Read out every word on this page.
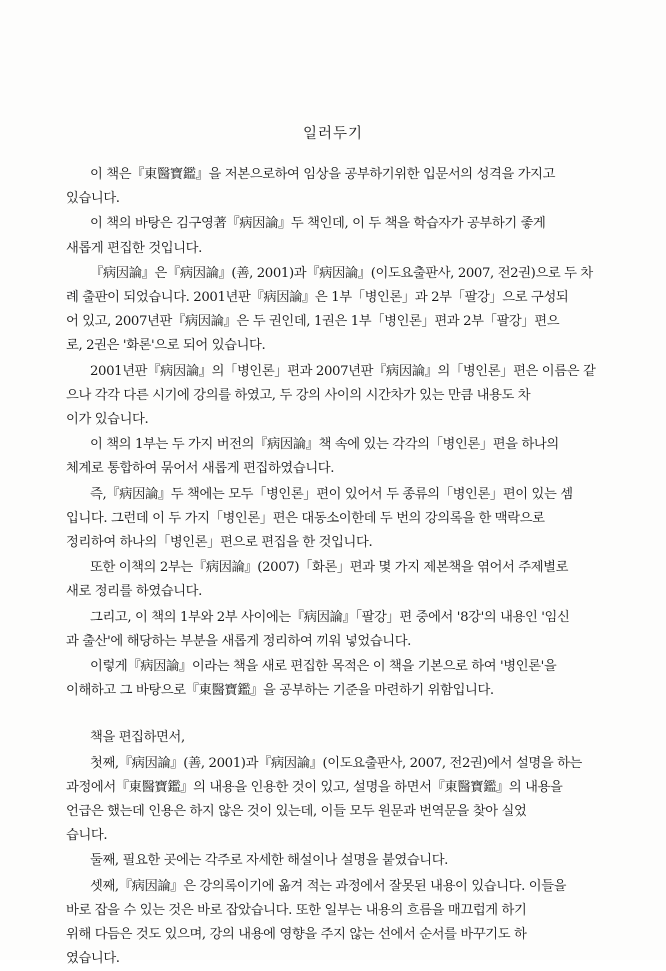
일러두기
이 책은『東醫寶鑑』을 저본으로하여 임상을 공부하기위한 입문서의 성격을 가지고
있습니다.
이 책의 바탕은 김구영著『病因論』두 책인데, 이 두 책을 학습자가 공부하기 좋게
새롭게 편집한 것입니다.
『病因論』은『病因論』(善, 2001)과『病因論』(이도요출판사, 2007, 전2권)으로 두 차
례 출판이 되었습니다. 2001년판『病因論』은 1부「병인론」과 2부「팔강」으로 구성되
어 있고, 2007년판『病因論』은 두 권인데, 1권은 1부「병인론」편과 2부「팔강」편으
로, 2권은 '화론'으로 되어 있습니다.
2001년판『病因論』의「병인론」편과 2007년판『病因論』의「병인론」편은 이름은 같
으나 각각 다른 시기에 강의를 하였고, 두 강의 사이의 시간차가 있는 만큼 내용도 차
이가 있습니다.
이 책의 1부는 두 가지 버전의『病因論』책 속에 있는 각각의「병인론」편을 하나의
체계로 통합하여 묶어서 새롭게 편집하였습니다.
즉,『病因論』두 책에는 모두「병인론」편이 있어서 두 종류의「병인론」편이 있는 셈
입니다. 그런데 이 두 가지「병인론」편은 대동소이한데 두 번의 강의록을 한 맥락으로
정리하여 하나의「병인론」편으로 편집을 한 것입니다.
또한 이책의 2부는『病因論』(2007)「화론」편과 몇 가지 제본책을 엮어서 주제별로
새로 정리를 하였습니다.
그리고, 이 책의 1부와 2부 사이에는『病因論』「팔강」편 중에서 '8강'의 내용인 '임신
과 출산'에 해당하는 부분을 새롭게 정리하여 끼워 넣었습니다.
이렇게『病因論』이라는 책을 새로 편집한 목적은 이 책을 기본으로 하여 '병인론'을
이해하고 그 바탕으로『東醫寶鑑』을 공부하는 기준을 마련하기 위함입니다.
책을 편집하면서,
첫째,『病因論』(善, 2001)과『病因論』(이도요출판사, 2007, 전2권)에서 설명을 하는
과정에서『東醫寶鑑』의 내용을 인용한 것이 있고, 설명을 하면서『東醫寶鑑』의 내용을
언급은 했는데 인용은 하지 않은 것이 있는데, 이들 모두 원문과 번역문을 찾아 실었
습니다.
둘째, 필요한 곳에는 각주로 자세한 해설이나 설명을 붙였습니다.
셋째,『病因論』은 강의록이기에 옮겨 적는 과정에서 잘못된 내용이 있습니다. 이들을
바로 잡을 수 있는 것은 바로 잡았습니다. 또한 일부는 내용의 흐름을 매끄럽게 하기
위해 다듬은 것도 있으며, 강의 내용에 영향을 주지 않는 선에서 순서를 바꾸기도 하
였습니다.
